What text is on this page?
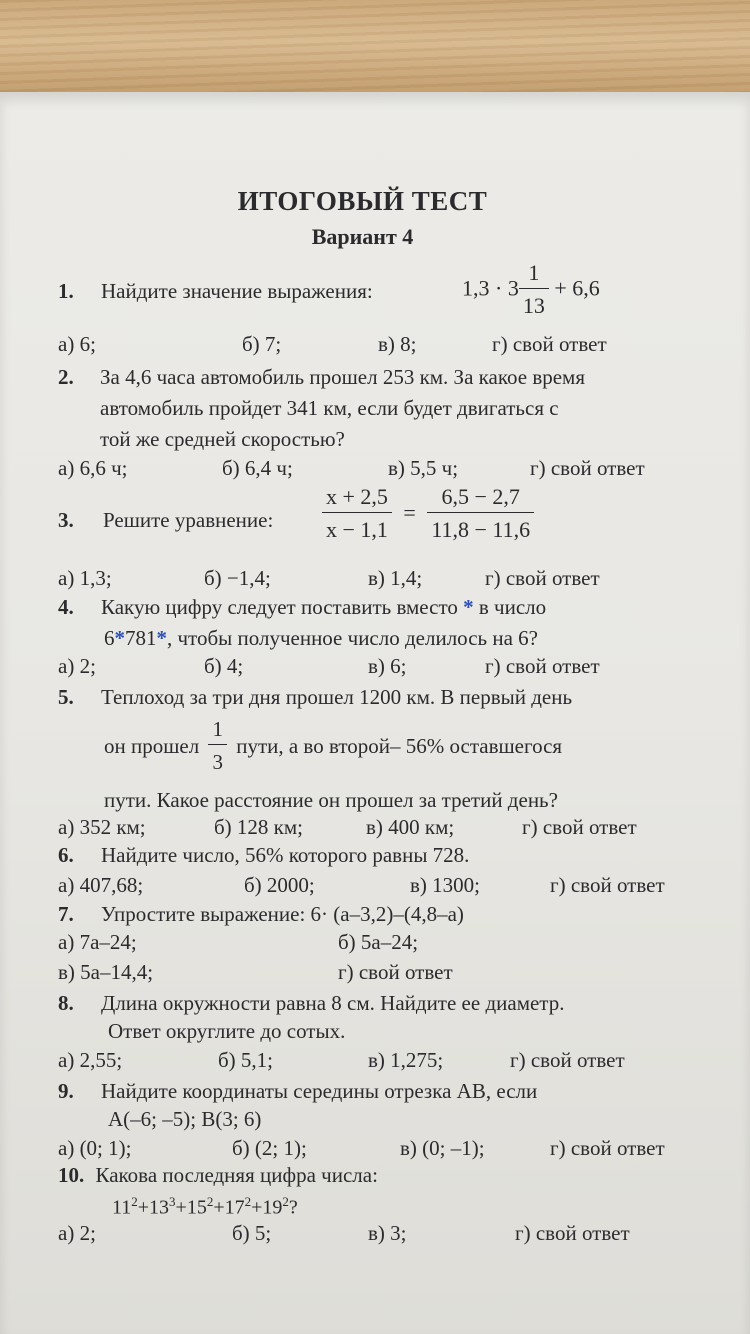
ИТОГОВЫЙ ТЕСТ
Вариант 4
1. Найдите значение выражения:	$1,3 \cdot 3 \frac{1}{13} + 6,6$
а) 6;	б) 7;	в) 8;	г) свой ответ
2. За 4,6 часа автомобиль прошел 253 км. За какое время
автомобиль пройдет 341 км, если будет двигаться с
той же средней скоростью?
а) 6,6 ч;	б) 6,4 ч;	в) 5,5 ч;	г) свой ответ
3. Решите уравнение: $\frac{x + 2,5}{x - 1,1} = \frac{6,5 - 2,7}{11,8 - 11,6}$
а) 1,3;	б) −1,4;	в) 1,4;	г) свой ответ
4. Какую цифру следует поставить вместо * в число
6*781*, чтобы полученное число делилось на 6?
а) 2;	б) 4;	в) 6;	г) свой ответ
5. Теплоход за три дня прошел 1200 км. В первый день
он прошел $\frac{1}{3}$ пути, а во второй– 56% оставшегося
пути. Какое расстояние он прошел за третий день?
а) 352 км;	б) 128 км;	в) 400 км;	г) свой ответ
6. Найдите число, 56% которого равны 728.
а) 407,68;	б) 2000;	в) 1300;	г) свой ответ
7. Упростите выражение: 6· (а–3,2)–(4,8–а)
а) 7а–24;	б) 5а–24;
в) 5а–14,4;	г) свой ответ
8. Длина окружности равна 8 см. Найдите ее диаметр.
Ответ округлите до сотых.
а) 2,55;	б) 5,1;	в) 1,275;	г) свой ответ
9. Найдите координаты середины отрезка АВ, если
А(–6; –5); В(3; 6)
а) (0; 1);	б) (2; 1);	в) (0; –1);	г) свой ответ
10. Какова последняя цифра числа:
$11^2+13^3+15^2+17^2+19^2$?
а) 2;	б) 5;	в) 3;	г) свой ответ
